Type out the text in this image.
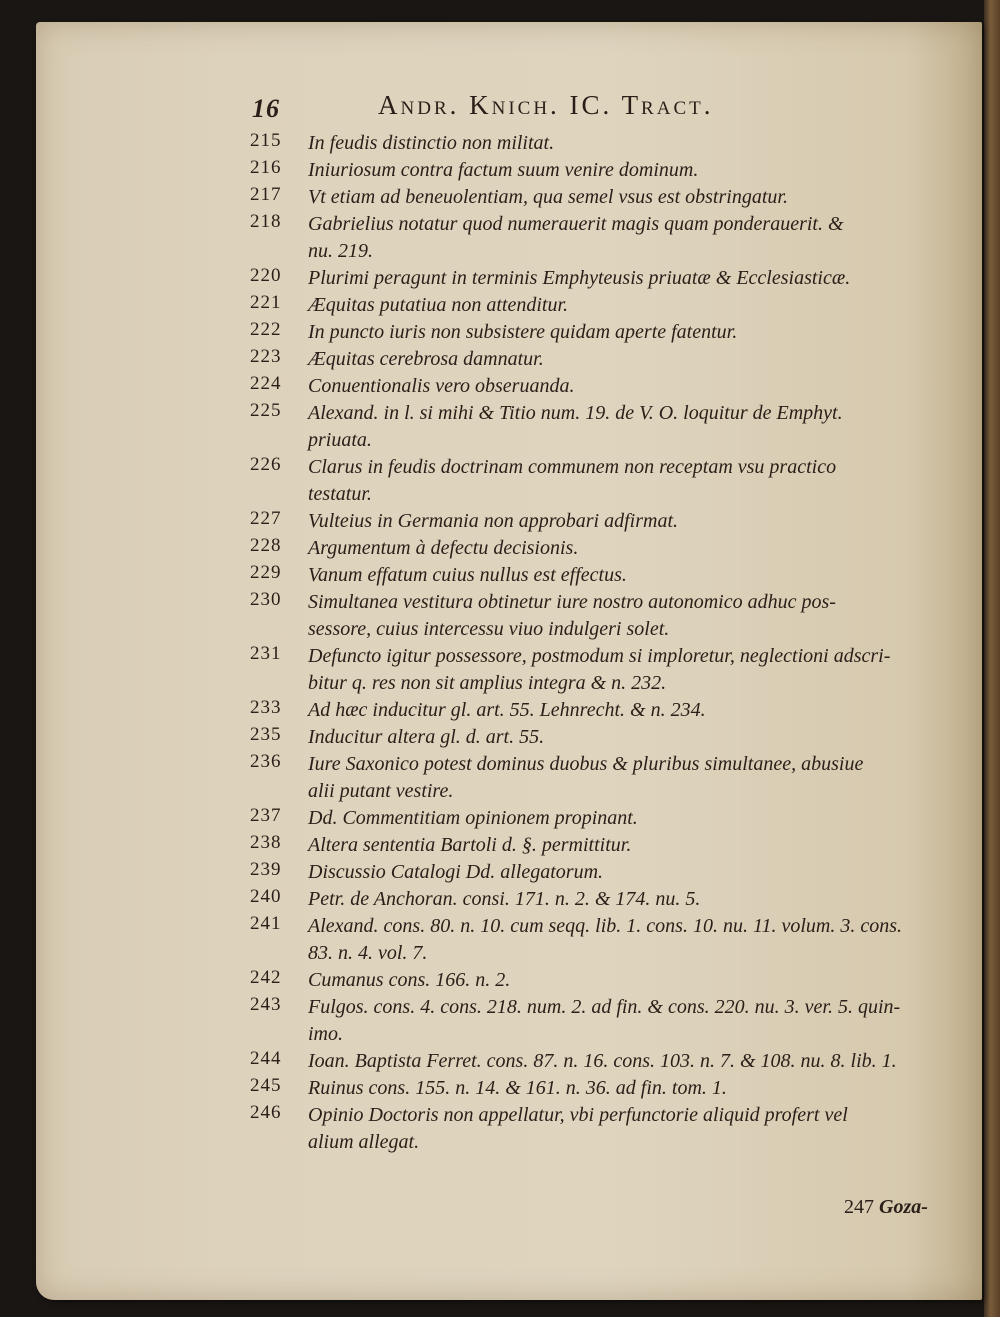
16	Andr. Knich. IC. Tract.
215	In feudis distinctio non militat.
216	Iniuriosum contra factum suum venire dominum.
217	Vt etiam ad beneuolentiam, qua semel vsus est obstringatur.
218	Gabrielius notatur quod numerauerit magis quam ponderauerit. &
nu. 219.
220	Plurimi peragunt in terminis Emphyteusis priuatæ & Ecclesiasticæ.
221	Æquitas putatiua non attenditur.
222	In puncto iuris non subsistere quidam aperte fatentur.
223	Æquitas cerebrosa damnatur.
224	Conuentionalis vero obseruanda.
225	Alexand. in l. si mihi & Titio num. 19. de V. O. loquitur de Emphyt.
priuata.
226	Clarus in feudis doctrinam communem non receptam vsu practico
testatur.
227	Vulteius in Germania non approbari adfirmat.
228	Argumentum à defectu decisionis.
229	Vanum effatum cuius nullus est effectus.
230	Simultanea vestitura obtinetur iure nostro autonomico adhuc pos-
sessore, cuius intercessu viuo indulgeri solet.
231	Defuncto igitur possessore, postmodum si imploretur, neglectioni adscri-
bitur q. res non sit amplius integra & n. 232.
233	Ad hæc inducitur gl. art. 55. Lehnrecht. & n. 234.
235	Inducitur altera gl. d. art. 55.
236	Iure Saxonico potest dominus duobus & pluribus simultanee, abusiue
alii putant vestire.
237	Dd. Commentitiam opinionem propinant.
238	Altera sententia Bartoli d. §. permittitur.
239	Discussio Catalogi Dd. allegatorum.
240	Petr. de Anchoran. consi. 171. n. 2. & 174. nu. 5.
241	Alexand. cons. 80. n. 10. cum seqq. lib. 1. cons. 10. nu. 11. volum. 3. cons.
83. n. 4. vol. 7.
242	Cumanus cons. 166. n. 2.
243	Fulgos. cons. 4. cons. 218. num. 2. ad fin. & cons. 220. nu. 3. ver. 5. quin-
imo.
244	Ioan. Baptista Ferret. cons. 87. n. 16. cons. 103. n. 7. & 108. nu. 8. lib. 1.
245	Ruinus cons. 155. n. 14. & 161. n. 36. ad fin. tom. 1.
246	Opinio Doctoris non appellatur, vbi perfunctorie aliquid profert vel
alium allegat.
247 Goza-
